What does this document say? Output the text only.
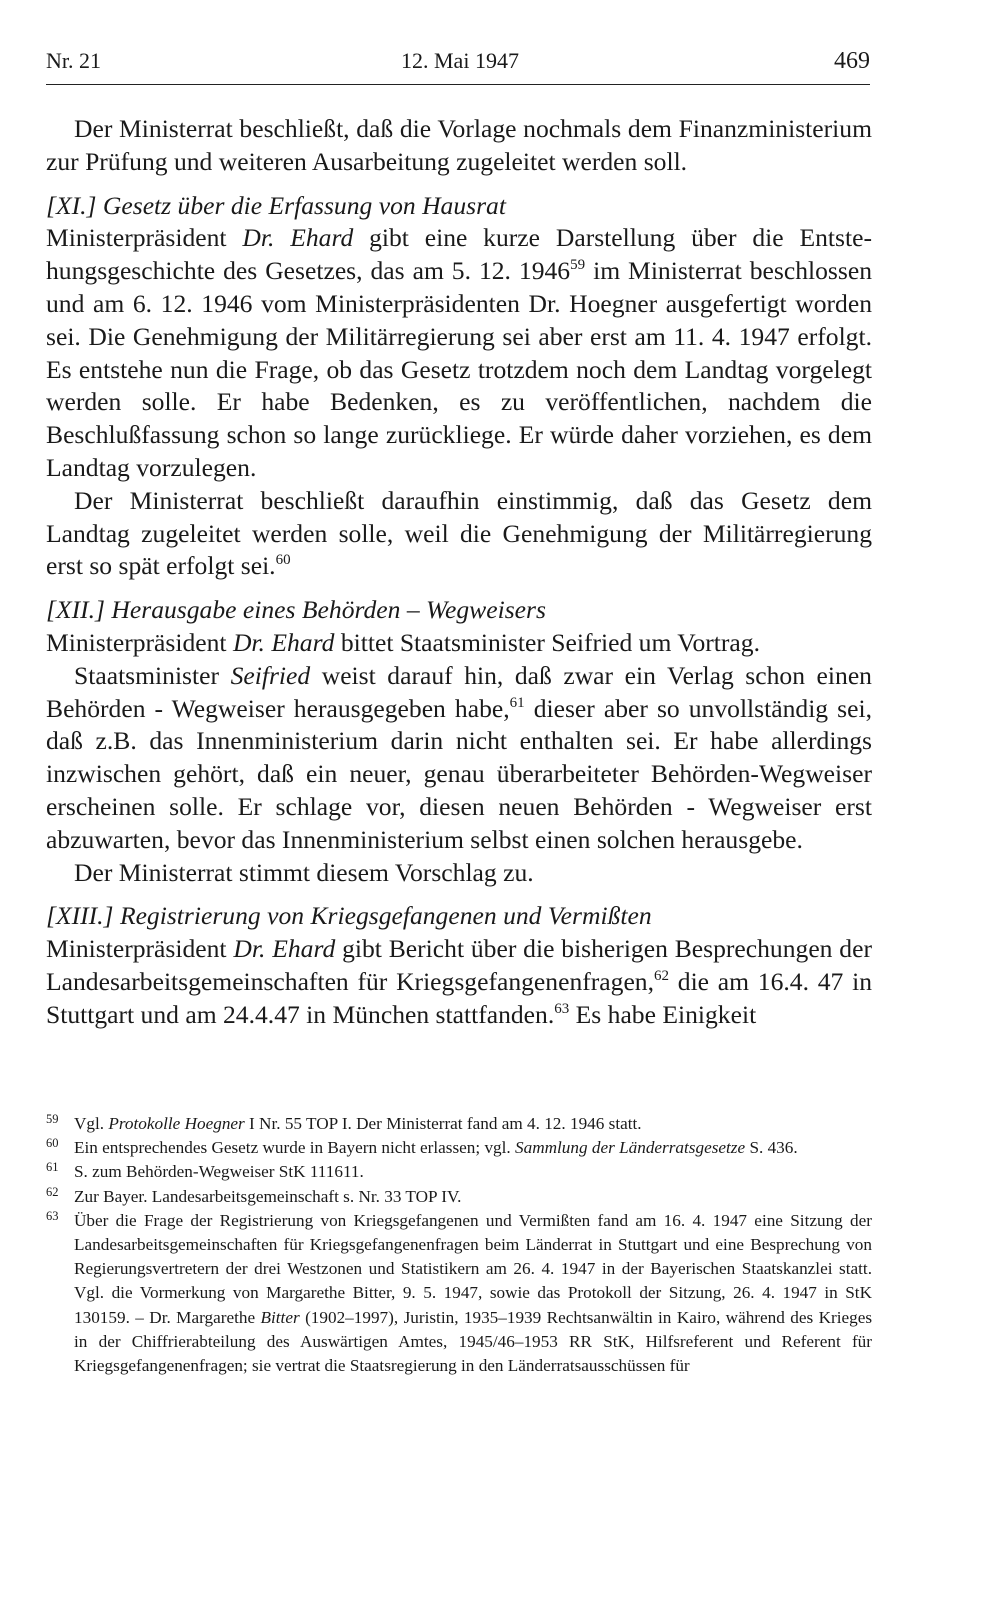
Nr. 21	12. Mai 1947	469

Der Ministerrat beschließt, daß die Vorlage nochmals dem Finanzministerium zur Prüfung und weiteren Ausarbeitung zugeleitet werden soll.

[XI.] Gesetz über die Erfassung von Hausrat

Ministerpräsident Dr. Ehard gibt eine kurze Darstellung über die Entstehungsgeschichte des Gesetzes, das am 5. 12. 1946$^{59}$ im Ministerrat beschlossen und am 6. 12. 1946 vom Ministerpräsidenten Dr. Hoegner ausgefertigt worden sei. Die Genehmigung der Militärregierung sei aber erst am 11. 4. 1947 erfolgt. Es entstehe nun die Frage, ob das Gesetz trotzdem noch dem Landtag vorgelegt werden solle. Er habe Bedenken, es zu veröffentlichen, nachdem die Beschlußfassung schon so lange zurückliege. Er würde daher vorziehen, es dem Landtag vorzulegen.

Der Ministerrat beschließt daraufhin einstimmig, daß das Gesetz dem Landtag zugeleitet werden solle, weil die Genehmigung der Militärregierung erst so spät erfolgt sei.$^{60}$

[XII.] Herausgabe eines Behörden – Wegweisers

Ministerpräsident Dr. Ehard bittet Staatsminister Seifried um Vortrag.

Staatsminister Seifried weist darauf hin, daß zwar ein Verlag schon einen Behörden - Wegweiser herausgegeben habe,$^{61}$ dieser aber so unvollständig sei, daß z.B. das Innenministerium darin nicht enthalten sei. Er habe allerdings inzwischen gehört, daß ein neuer, genau überarbeiteter Behörden-Wegweiser erscheinen solle. Er schlage vor, diesen neuen Behörden - Wegweiser erst abzuwarten, bevor das Innenministerium selbst einen solchen herausgebe.

Der Ministerrat stimmt diesem Vorschlag zu.

[XIII.] Registrierung von Kriegsgefangenen und Vermißten

Ministerpräsident Dr. Ehard gibt Bericht über die bisherigen Besprechungen der Landesarbeitsgemeinschaften für Kriegsgefangenenfragen,$^{62}$ die am 16.4. 47 in Stuttgart und am 24.4.47 in München stattfanden.$^{63}$ Es habe Einigkeit

59 Vgl. Protokolle Hoegner I Nr. 55 TOP I. Der Ministerrat fand am 4. 12. 1946 statt.

60 Ein entsprechendes Gesetz wurde in Bayern nicht erlassen; vgl. Sammlung der Länderratsgesetze S. 436.

61 S. zum Behörden-Wegweiser StK 111611.

62 Zur Bayer. Landesarbeitsgemeinschaft s. Nr. 33 TOP IV.

63 Über die Frage der Registrierung von Kriegsgefangenen und Vermißten fand am 16. 4. 1947 eine Sitzung der Landesarbeitsgemeinschaften für Kriegsgefangenenfragen beim Länderrat in Stuttgart und eine Besprechung von Regierungsvertretern der drei Westzonen und Statistikern am 26. 4. 1947 in der Bayerischen Staatskanzlei statt. Vgl. die Vormerkung von Margarethe Bitter, 9. 5. 1947, sowie das Protokoll der Sitzung, 26. 4. 1947 in StK 130159. – Dr. Margarethe Bitter (1902–1997), Juristin, 1935–1939 Rechtsanwältin in Kairo, während des Krieges in der Chiffrierabteilung des Auswärtigen Amtes, 1945/46–1953 RR StK, Hilfsreferent und Referent für Kriegsgefangenenfragen; sie vertrat die Staatsregierung in den Länderratsausschüssen für
